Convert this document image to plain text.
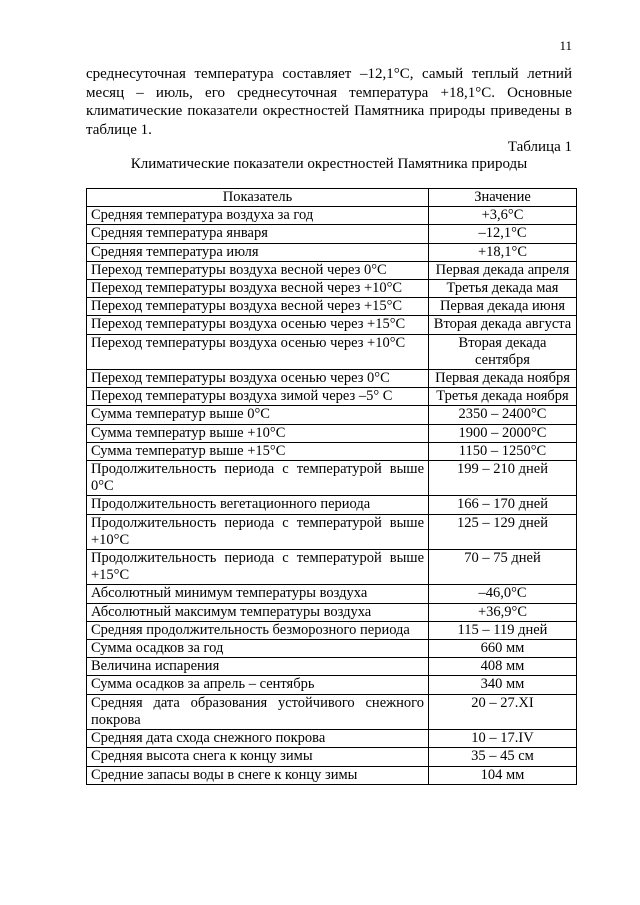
11

среднесуточная температура составляет –12,1°С, самый теплый летний месяц – июль, его среднесуточная температура +18,1°С. Основные климатические показатели окрестностей Памятника природы приведены в таблице 1.

Таблица 1
Климатические показатели окрестностей Памятника природы
Показатель	Значение
Средняя температура воздуха за год	+3,6°С
Средняя температура января	–12,1°С
Средняя температура июля	+18,1°С
Переход температуры воздуха весной через 0°С	Первая декада апреля
Переход температуры воздуха весной через +10°С	Третья декада мая
Переход температуры воздуха весной через +15°С	Первая декада июня
Переход температуры воздуха осенью через +15°С	Вторая декада августа
Переход температуры воздуха осенью через +10°С	Вторая декада сентября
Переход температуры воздуха осенью через 0°С	Первая декада ноября
Переход температуры воздуха зимой через –5° С	Третья декада ноября
Сумма температур выше 0°С	2350 – 2400°С
Сумма температур выше +10°С	1900 – 2000°С
Сумма температур выше +15°С	1150 – 1250°С
Продолжительность периода с температурой выше 0°С	199 – 210 дней
Продолжительность вегетационного периода	166 – 170 дней
Продолжительность периода с температурой выше +10°С	125 – 129 дней
Продолжительность периода с температурой выше +15°С	70 – 75 дней
Абсолютный минимум температуры воздуха	–46,0°С
Абсолютный максимум температуры воздуха	+36,9°С
Средняя продолжительность безморозного периода	115 – 119 дней
Сумма осадков за год	660 мм
Величина испарения	408 мм
Сумма осадков за апрель – сентябрь	340 мм
Средняя дата образования устойчивого снежного покрова	20 – 27.XI
Средняя дата схода снежного покрова	10 – 17.IV
Средняя высота снега к концу зимы	35 – 45 см
Средние запасы воды в снеге к концу зимы	104 мм
